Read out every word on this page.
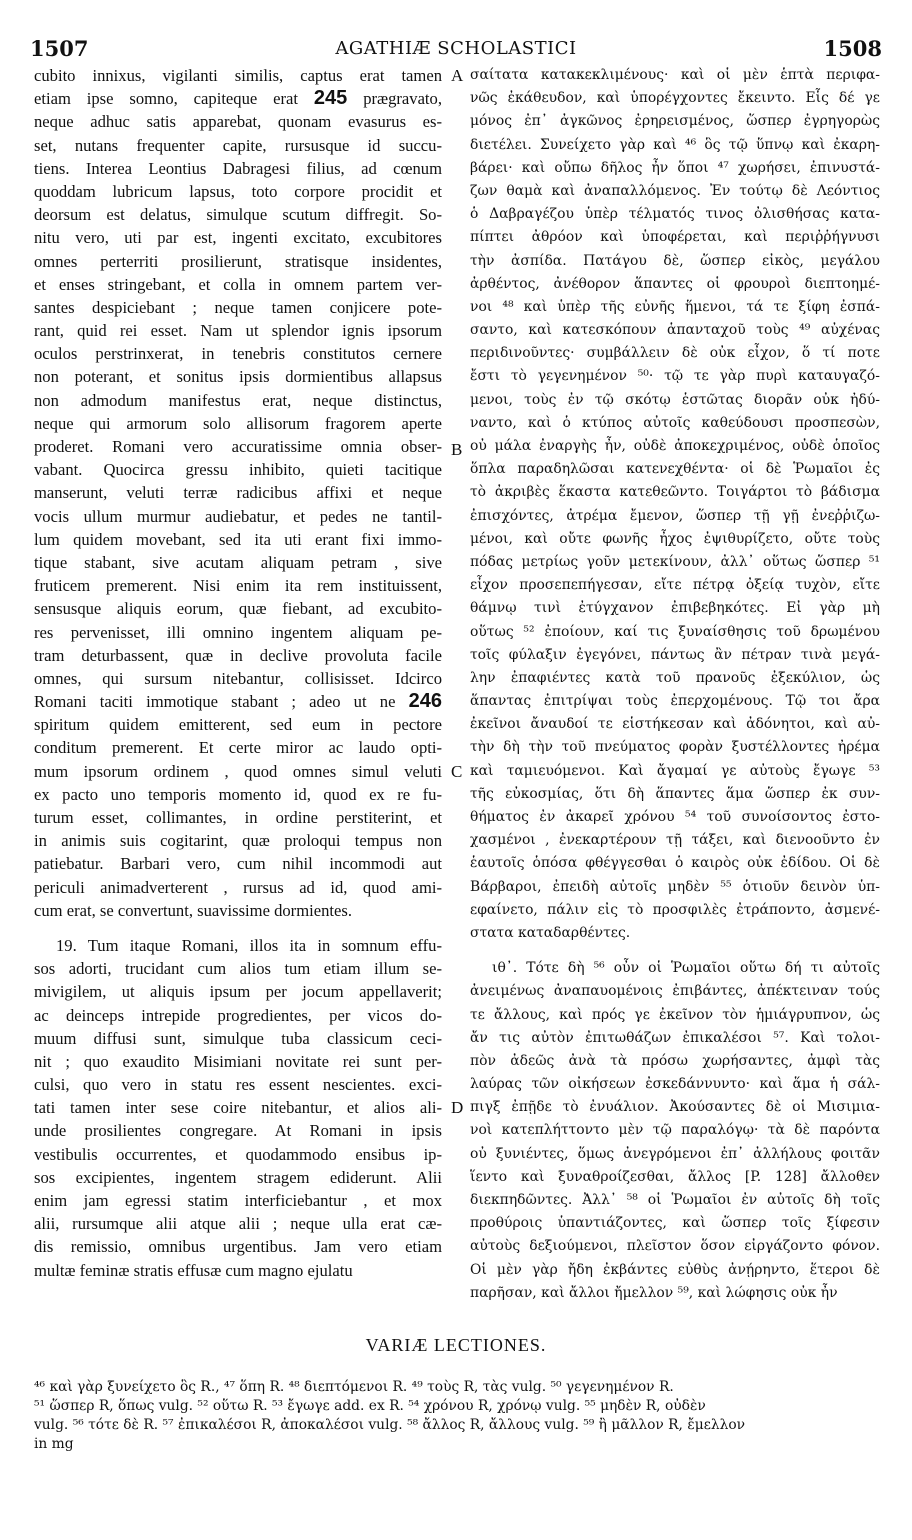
1507	AGATHIÆ SCHOLASTICI	1508
A
B
C
D
cubito innixus, vigilanti similis, captus erat tamen
etiam ipse somno, capiteque erat 245 prægravato,
neque adhuc satis apparebat, quonam evasurus es-
set, nutans frequenter capite, rursusque id succu-
tiens. Interea Leontius Dabragesi filius, ad cœnum
quoddam lubricum lapsus, toto corpore procidit et
deorsum est delatus, simulque scutum diffregit. So-
nitu vero, uti par est, ingenti excitato, excubitores
omnes perterriti prosilierunt, stratisque insidentes,
et enses stringebant, et colla in omnem partem ver-
santes despiciebant ; neque tamen conjicere pote-
rant, quid rei esset. Nam ut splendor ignis ipsorum
oculos perstrinxerat, in tenebris constitutos cernere
non poterant, et sonitus ipsis dormientibus allapsus
non admodum manifestus erat, neque distinctus,
neque qui armorum solo allisorum fragorem aperte
proderet. Romani vero accuratissime omnia obser-
vabant. Quocirca gressu inhibito, quieti tacitique
manserunt, veluti terræ radicibus affixi et neque
vocis ullum murmur audiebatur, et pedes ne tantil-
lum quidem movebant, sed ita uti erant fixi immo-
tique stabant, sive acutam aliquam petram , sive
fruticem premerent. Nisi enim ita rem instituissent,
sensusque aliquis eorum, quæ fiebant, ad excubito-
res pervenisset, illi omnino ingentem aliquam pe-
tram deturbassent, quæ in declive provoluta facile
omnes, qui sursum nitebantur, collisisset. Idcirco
Romani taciti immotique stabant ; adeo ut ne 246
spiritum quidem emitterent, sed eum in pectore
conditum premerent. Et certe miror ac laudo opti-
mum ipsorum ordinem , quod omnes simul veluti
ex pacto uno temporis momento id, quod ex re fu-
turum esset, collimantes, in ordine perstiterint, et
in animis suis cogitarint, quæ proloqui tempus non
patiebatur. Barbari vero, cum nihil incommodi aut
periculi animadverterent , rursus ad id, quod ami-
cum erat, se convertunt, suavissime dormientes.
19. Tum itaque Romani, illos ita in somnum effu-
sos adorti, trucidant cum alios tum etiam illum se-
mivigilem, ut aliquis ipsum per jocum appellaverit;
ac deinceps intrepide progredientes, per vicos do-
muum diffusi sunt, simulque tuba classicum ceci-
nit ; quo exaudito Misimiani novitate rei sunt per-
culsi, quo vero in statu res essent nescientes. exci-
tati tamen inter sese coire nitebantur, et alios ali-
unde prosilientes congregare. At Romani in ipsis
vestibulis occurrentes, et quodammodo ensibus ip-
sos excipientes, ingentem stragem ediderunt. Alii
enim jam egressi statim interficiebantur , et mox
alii, rursumque alii atque alii ; neque ulla erat cæ-
dis remissio, omnibus urgentibus. Jam vero etiam
multæ feminæ stratis effusæ cum magno ejulatu
σαίτατα κατακεκλιμένους· καὶ οἱ μὲν ἑπτὰ περιφα-
νῶς ἐκάθευδον, καὶ ὑπορέγχοντες ἔκειντο. Εἷς δέ γε
μόνος ἐπ᾽ ἀγκῶνος ἐρηρεισμένος, ὥσπερ ἐγρηγορὼς
διετέλει. Συνείχετο γὰρ καὶ ⁴⁶ ὃς τῷ ὕπνῳ καὶ ἐκαρη-
βάρει· καὶ οὔπω δῆλος ἦν ὅποι ⁴⁷ χωρήσει, ἐπινυστά-
ζων θαμὰ καὶ ἀναπαλλόμενος. Ἐν τούτῳ δὲ Λεόντιος
ὁ Δαβραγέζου ὑπὲρ τέλματός τινος ὀλισθήσας κατα-
πίπτει ἀθρόον καὶ ὑποφέρεται, καὶ περιῤῥήγνυσι
τὴν ἀσπίδα. Πατάγου δὲ, ὥσπερ εἰκὸς, μεγάλου
ἀρθέντος, ἀνέθορον ἅπαντες οἱ φρουροὶ διεπτοημέ-
νοι ⁴⁸ καὶ ὑπὲρ τῆς εὐνῆς ἥμενοι, τά τε ξίφη ἐσπά-
σαντο, καὶ κατεσκόπουν ἁπανταχοῦ τοὺς ⁴⁹ αὐχένας
περιδινοῦντες· συμβάλλειν δὲ οὐκ εἶχον, ὅ τί ποτε
ἔστι τὸ γεγενημένον ⁵⁰· τῷ τε γὰρ πυρὶ καταυγαζό-
μενοι, τοὺς ἐν τῷ σκότῳ ἑστῶτας διορᾶν οὐκ ἠδύ-
ναντο, καὶ ὁ κτύπος αὐτοῖς καθεύδουσι προσπεσὼν,
οὐ μάλα ἐναργὴς ἦν, οὐδὲ ἀποκεχριμένος, οὐδὲ ὁποῖος
ὅπλα παραδηλῶσαι κατενεχθέντα· οἱ δὲ Ῥωμαῖοι ἐς
τὸ ἀκριβὲς ἕκαστα κατεθεῶντο. Τοιγάρτοι τὸ βάδισμα
ἐπισχόντες, ἀτρέμα ἔμενον, ὥσπερ τῇ γῇ ἐνεῤῥιζω-
μένοι, καὶ οὔτε φωνῆς ἦχος ἐψιθυρίζετο, οὔτε τοὺς
πόδας μετρίως γοῦν μετεκίνουν, ἀλλ᾽ οὕτως ὥσπερ ⁵¹
εἶχον προσεπεπήγεσαν, εἴτε πέτρᾳ ὀξείᾳ τυχὸν, εἴτε
θάμνῳ τινὶ ἐτύγχανον ἐπιβεβηκότες. Εἰ γὰρ μὴ
οὕτως ⁵² ἐποίουν, καί τις ξυναίσθησις τοῦ δρωμένου
τοῖς φύλαξιν ἐγεγόνει, πάντως ἂν πέτραν τινὰ μεγά-
λην ἐπαφιέντες κατὰ τοῦ πρανοῦς ἐξεκύλιον, ὡς
ἅπαντας ἐπιτρίψαι τοὺς ἐπερχομένους. Τῷ τοι ἄρα
ἐκεῖνοι ἄναυδοί τε εἱστήκεσαν καὶ ἀδόνητοι, καὶ αὐ-
τὴν δὴ τὴν τοῦ πνεύματος φορὰν ξυστέλλοντες ἠρέμα
καὶ ταμιευόμενοι. Καὶ ἄγαμαί γε αὐτοὺς ἔγωγε ⁵³
τῆς εὐκοσμίας, ὅτι δὴ ἅπαντες ἅμα ὥσπερ ἐκ συν-
θήματος ἐν ἀκαρεῖ χρόνου ⁵⁴ τοῦ συνοίσοντος ἐστο-
χασμένοι , ἐνεκαρτέρουν τῇ τάξει, καὶ διενοοῦντο ἐν
ἑαυτοῖς ὁπόσα φθέγγεσθαι ὁ καιρὸς οὐκ ἐδίδου. Οἱ δὲ
Βάρβαροι, ἐπειδὴ αὐτοῖς μηδὲν ⁵⁵ ὁτιοῦν δεινὸν ὑπ-
εφαίνετο, πάλιν εἰς τὸ προσφιλὲς ἐτράποντο, ἀσμενέ-
στατα καταδαρθέντες.
ιθ᾽. Τότε δὴ ⁵⁶ οὖν οἱ Ῥωμαῖοι οὕτω δή τι αὐτοῖς
ἀνειμένως ἀναπαυομένοις ἐπιβάντες, ἀπέκτειναν τούς
τε ἄλλους, καὶ πρός γε ἐκεῖνον τὸν ἡμιάγρυπνον, ὡς
ἄν τις αὐτὸν ἐπιτωθάζων ἐπικαλέσοι ⁵⁷. Καὶ τολοι-
πὸν ἀδεῶς ἀνὰ τὰ πρόσω χωρήσαντες, ἀμφὶ τὰς
λαύρας τῶν οἰκήσεων ἐσκεδάννυντο· καὶ ἅμα ἡ σάλ-
πιγξ ἐπῇδε τὸ ἐνυάλιον. Ἀκούσαντες δὲ οἱ Μισιμια-
νοὶ κατεπλήττοντο μὲν τῷ παραλόγῳ· τὰ δὲ παρόντα
οὐ ξυνιέντες, ὅμως ἀνεγρόμενοι ἐπ᾽ ἀλλήλους φοιτᾶν
ἵεντο καὶ ξυναθροίζεσθαι, ἄλλος [P. 128] ἄλλοθεν
διεκπηδῶντες. Ἀλλ᾽ ⁵⁸ οἱ Ῥωμαῖοι ἐν αὐτοῖς δὴ τοῖς
προθύροις ὑπαντιάζοντες, καὶ ὥσπερ τοῖς ξίφεσιν
αὐτοὺς δεξιούμενοι, πλεῖστον ὅσον εἰργάζοντο φόνον.
Οἱ μὲν γὰρ ἤδη ἐκβάντες εὐθὺς ἀνῄρηντο, ἕτεροι δὲ
παρῆσαν, καὶ ἄλλοι ἤμελλον ⁵⁹, καὶ λώφησις οὐκ ἦν
VARIÆ LECTIONES.
⁴⁶ καὶ γὰρ ξυνείχετο ὃς R., ⁴⁷ ὅπη R. ⁴⁸ διεπτόμενοι R. ⁴⁹ τοὺς R, τὰς vulg. ⁵⁰ γεγενημένον R.
⁵¹ ὥσπερ R, ὅπως vulg. ⁵² οὕτω R. ⁵³ ἔγωγε add. ex R. ⁵⁴ χρόνου R, χρόνῳ vulg. ⁵⁵ μηδὲν R, οὐδὲν
vulg. ⁵⁶ τότε δὲ R. ⁵⁷ ἐπικαλέσοι R, ἀποκαλέσοι vulg. ⁵⁸ ἄλλος R, ἄλλους vulg. ⁵⁹ ἢ μᾶλλον R, ἔμελλον
in mg
